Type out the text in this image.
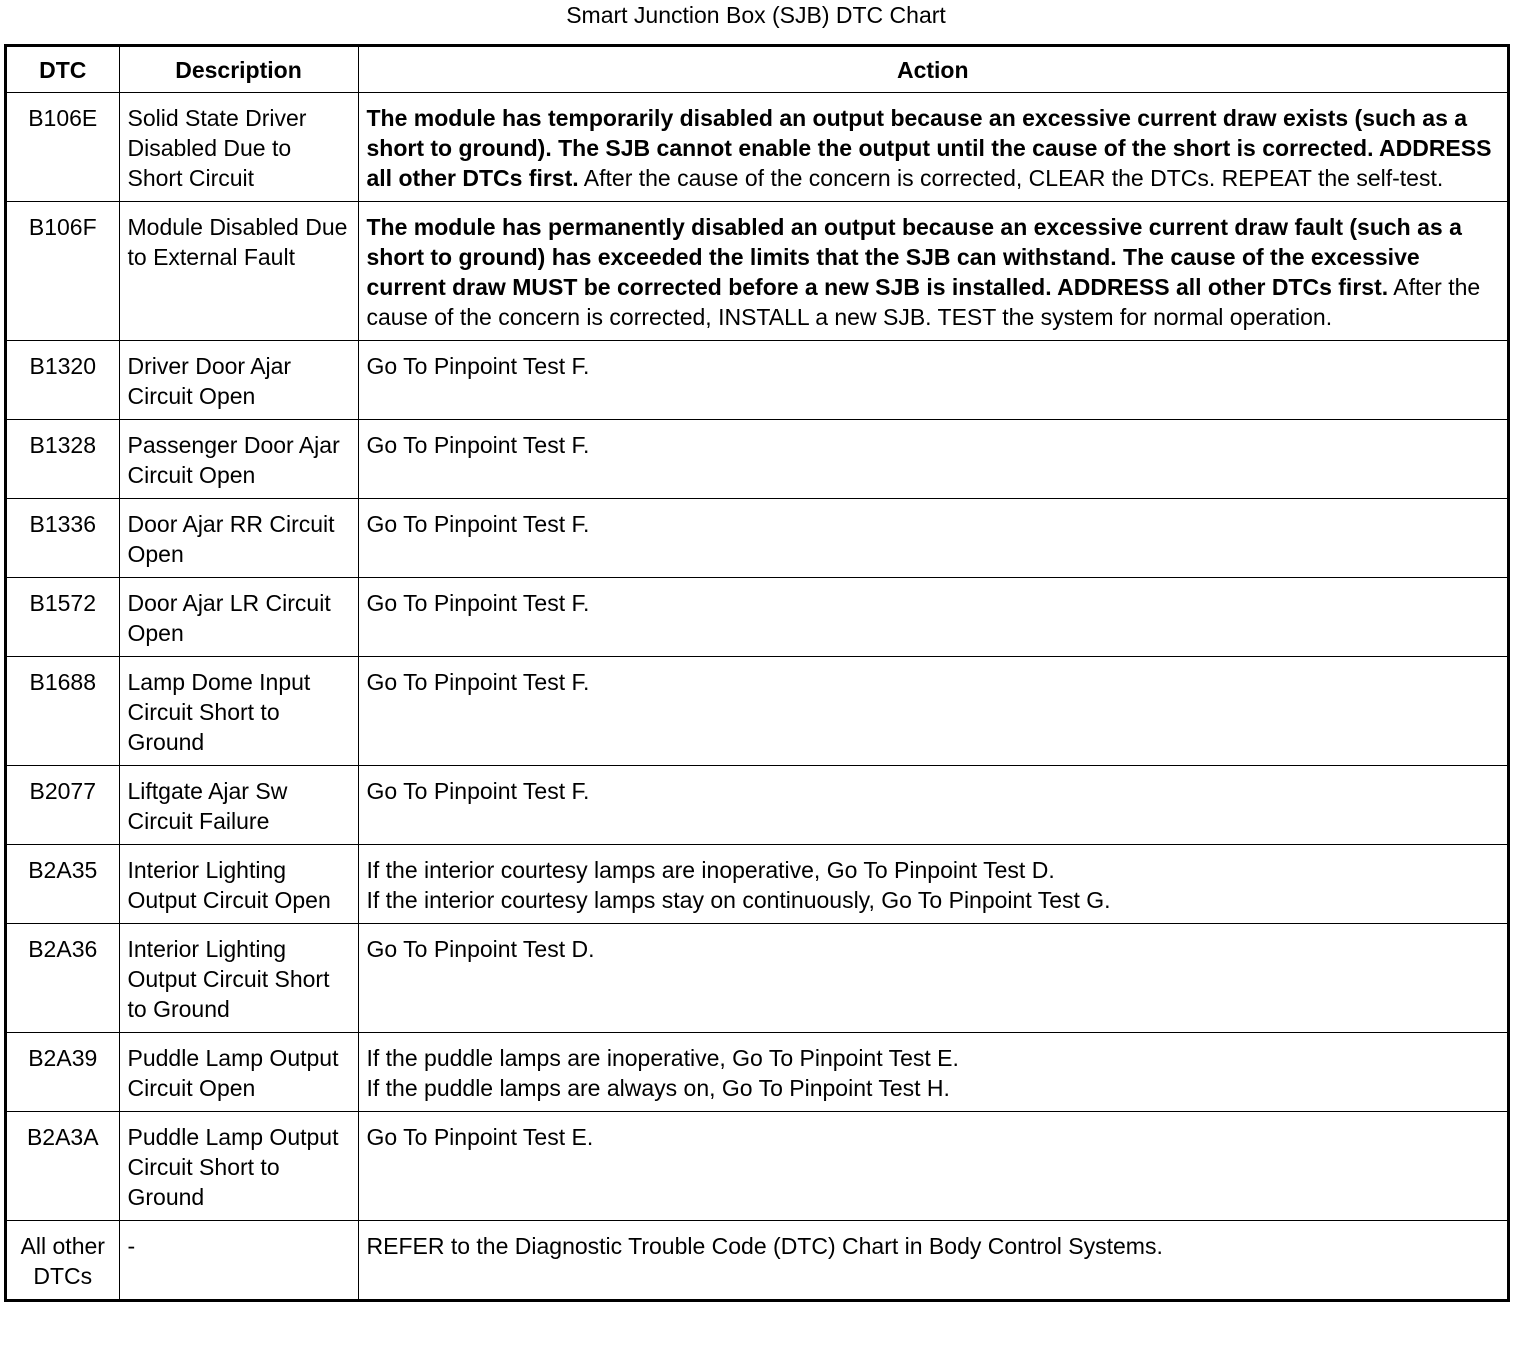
Smart Junction Box (SJB) DTC Chart
DTC	Description	Action
B106E	Solid State Driver Disabled Due to Short Circuit	The module has temporarily disabled an output because an excessive current draw exists (such as a short to ground). The SJB cannot enable the output until the cause of the short is corrected. ADDRESS all other DTCs first. After the cause of the concern is corrected, CLEAR the DTCs. REPEAT the self-test.
B106F	Module Disabled Due to External Fault	The module has permanently disabled an output because an excessive current draw fault (such as a short to ground) has exceeded the limits that the SJB can withstand. The cause of the excessive current draw MUST be corrected before a new SJB is installed. ADDRESS all other DTCs first. After the cause of the concern is corrected, INSTALL a new SJB. TEST the system for normal operation.
B1320	Driver Door Ajar Circuit Open	Go To Pinpoint Test F.
B1328	Passenger Door Ajar Circuit Open	Go To Pinpoint Test F.
B1336	Door Ajar RR Circuit Open	Go To Pinpoint Test F.
B1572	Door Ajar LR Circuit Open	Go To Pinpoint Test F.
B1688	Lamp Dome Input Circuit Short to Ground	Go To Pinpoint Test F.
B2077	Liftgate Ajar Sw Circuit Failure	Go To Pinpoint Test F.
B2A35	Interior Lighting Output Circuit Open	If the interior courtesy lamps are inoperative, Go To Pinpoint Test D.
If the interior courtesy lamps stay on continuously, Go To Pinpoint Test G.

B2A36	Interior Lighting Output Circuit Short to Ground	Go To Pinpoint Test D.
B2A39	Puddle Lamp Output Circuit Open	If the puddle lamps are inoperative, Go To Pinpoint Test E.
If the puddle lamps are always on, Go To Pinpoint Test H.

B2A3A	Puddle Lamp Output Circuit Short to Ground	Go To Pinpoint Test E.
All other DTCs	-	REFER to the Diagnostic Trouble Code (DTC) Chart in Body Control Systems.
